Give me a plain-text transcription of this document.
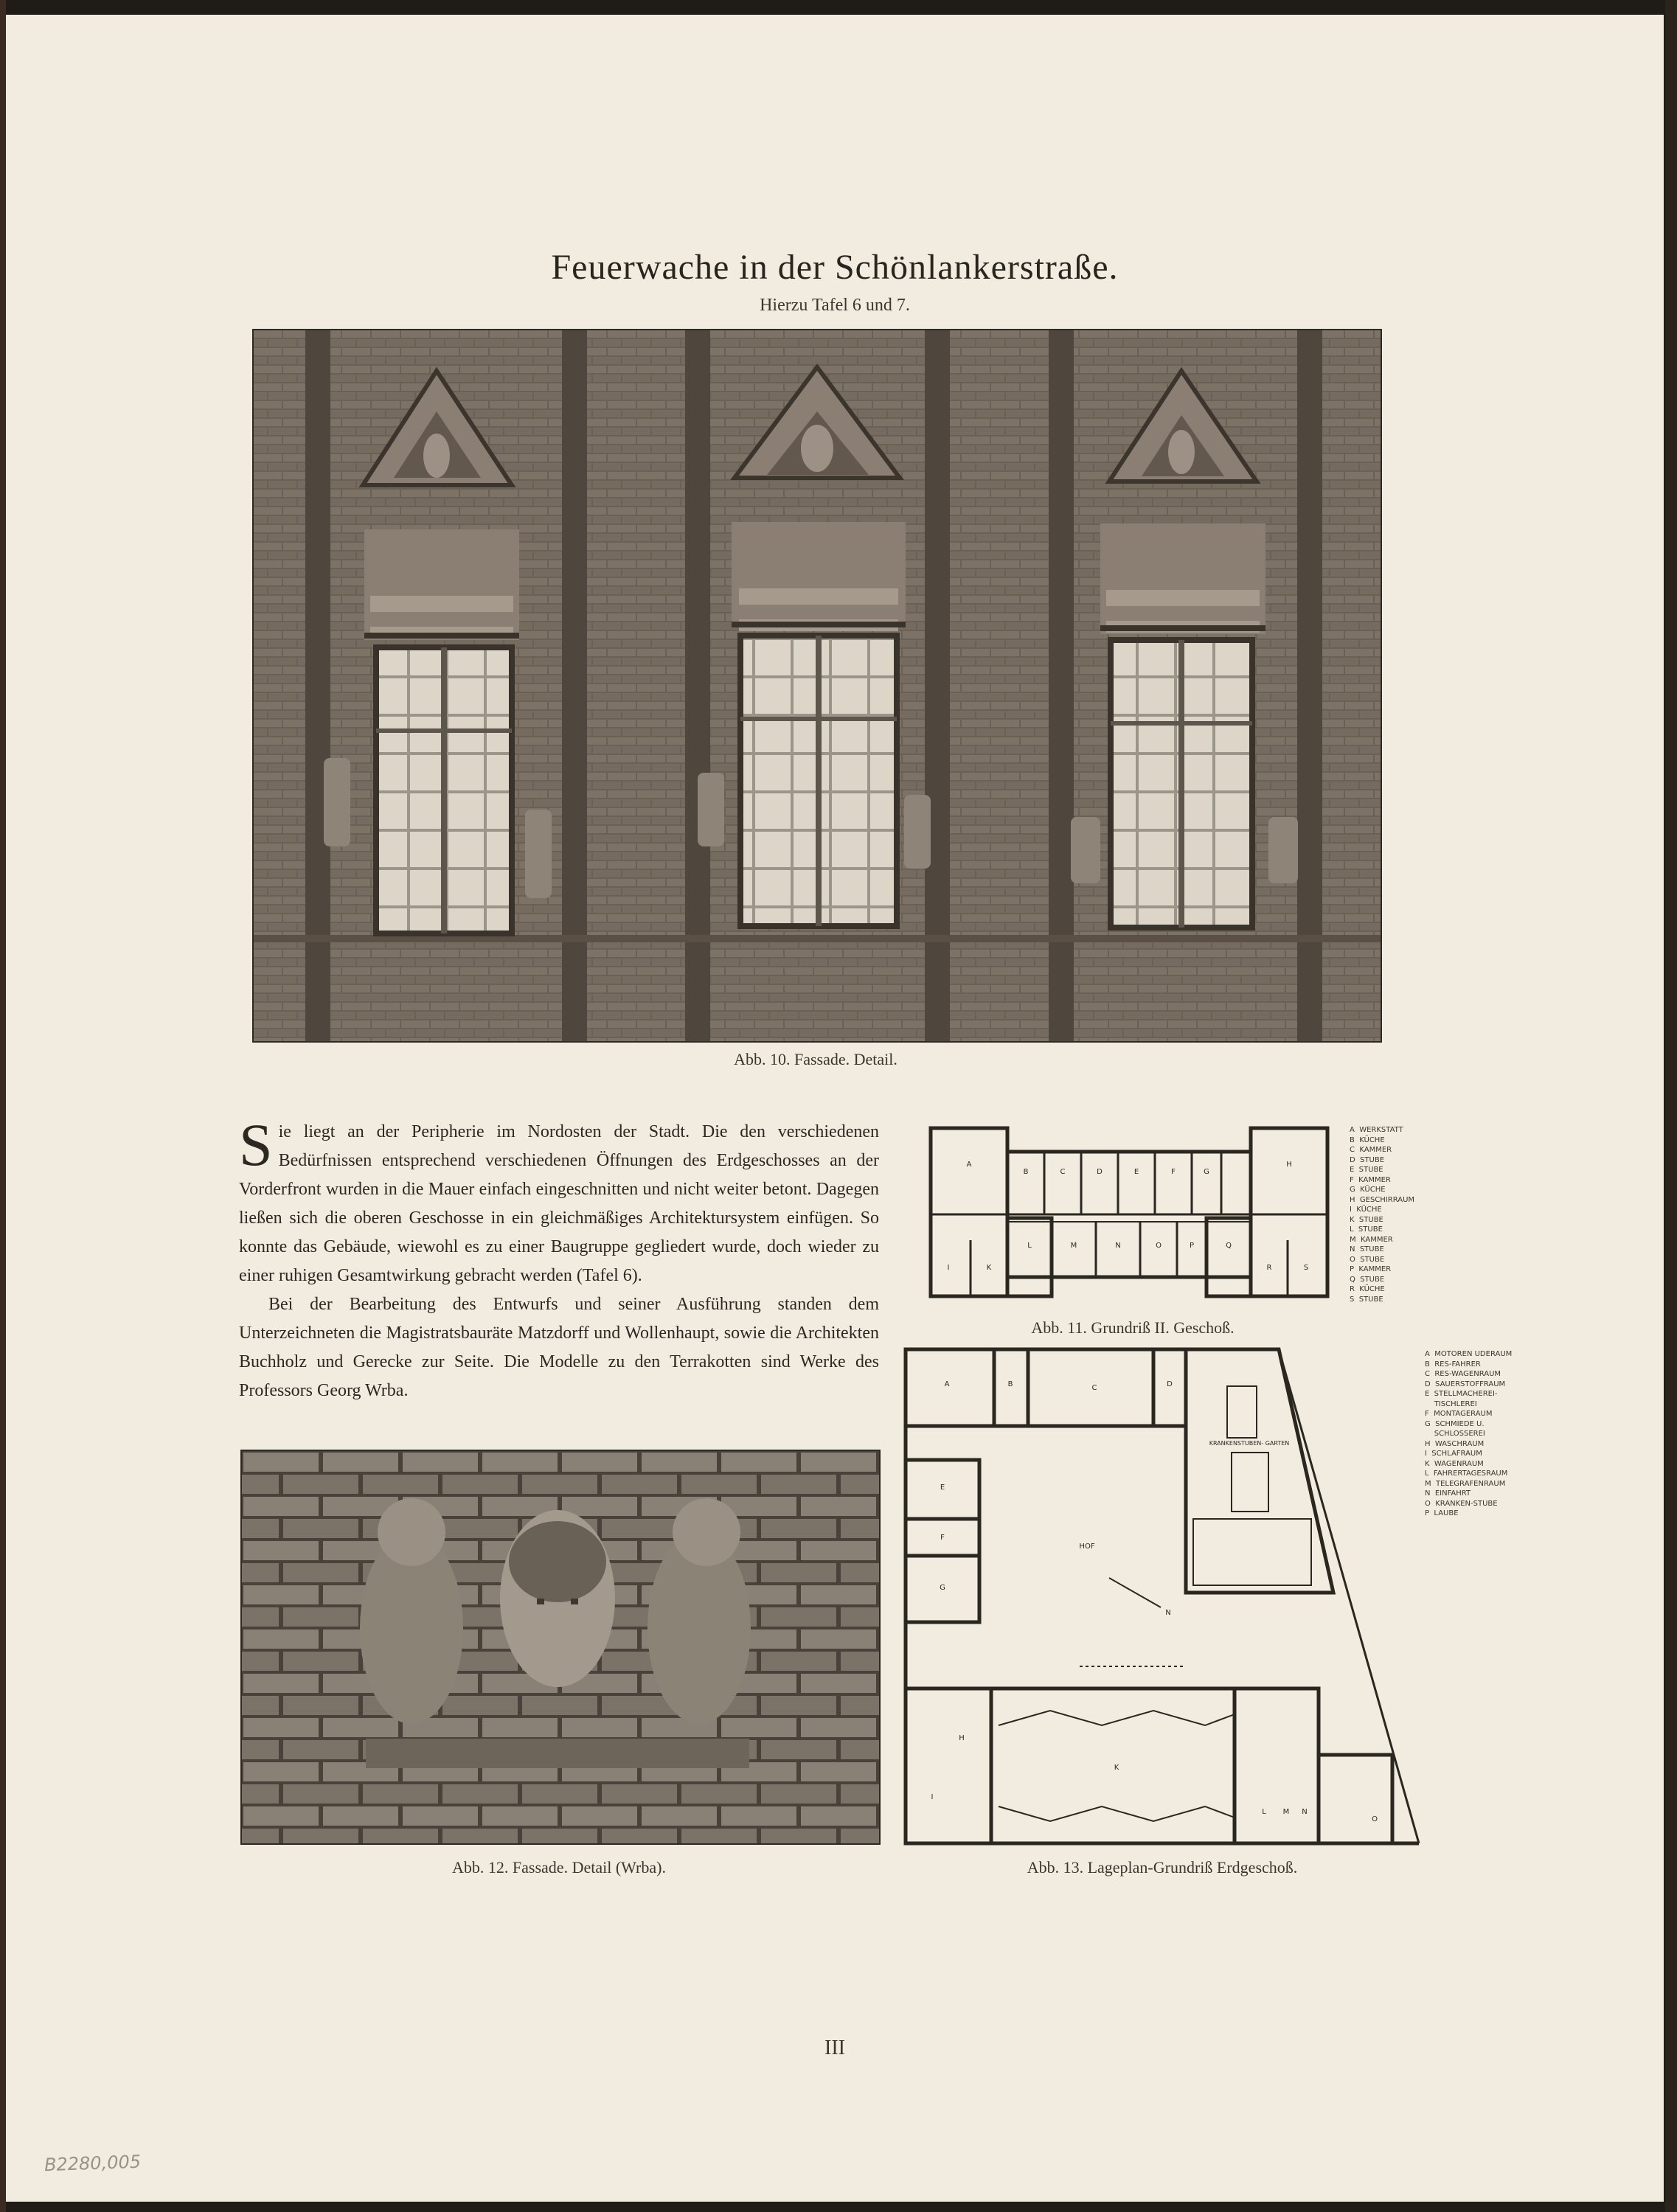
Feuerwache in der Schönlankerstraße.
Hierzu Tafel 6 und 7.
Abb. 10. Fassade. Detail.

Sie liegt an der Peripherie im Nordosten der Stadt. Die den verschiedenen Bedürfnissen entsprechend verschiedenen Öffnungen des Erdgeschosses an der Vorderfront wurden in die Mauer einfach eingeschnitten und nicht weiter betont. Dagegen ließen sich die oberen Geschosse in ein gleichmäßiges Architektursystem einfügen. So konnte das Gebäude, wiewohl es zu einer Baugruppe gegliedert wurde, doch wieder zu einer ruhigen Gesamtwirkung gebracht werden (Tafel 6).

Bei der Bearbeitung des Entwurfs und seiner Ausführung standen dem Unterzeichneten die Magistratsbauräte Matzdorff und Wollenhaupt, sowie die Architekten Buchholz und Gerecke zur Seite. Die Modelle zu den Terrakotten sind Werke des Professors Georg Wrba.

A
B	C	D	E	F	G
H
I	K
L	M	N	O	P	Q
R	S
A  WERKSTATT
B  KÜCHE
C  KAMMER
D  STUBE
E  STUBE
F  KAMMER
G  KÜCHE
H  GESCHIRRAUM
I  KÜCHE
K  STUBE
L  STUBE
M  KAMMER
N  STUBE
O  STUBE
P  KAMMER
Q  STUBE
R  KÜCHE
S  STUBE
Abb. 11. Grundriß II. Geschoß.
Abb. 12. Fassade. Detail (Wrba).
A	B	C	D
E
F
G
H
I
K
L M N
O
HOF
KRANKENSTUBEN- GARTEN
N
A  MOTOREN UDERAUM
B  RES-FAHRER
C  RES-WAGENRAUM
D  SAUERSTOFFRAUM
E  STELLMACHEREI-
TISCHLEREI
F  MONTAGERAUM
G  SCHMIEDE U.
SCHLOSSEREI
H  WASCHRAUM
I  SCHLAFRAUM
K  WAGENRAUM
L  FAHRERTAGESRAUM
M  TELEGRAFENRAUM
N  EINFAHRT
O  KRANKEN-STUBE
P  LAUBE
Abb. 13. Lageplan-Grundriß Erdgeschoß.
III
B2280,005
